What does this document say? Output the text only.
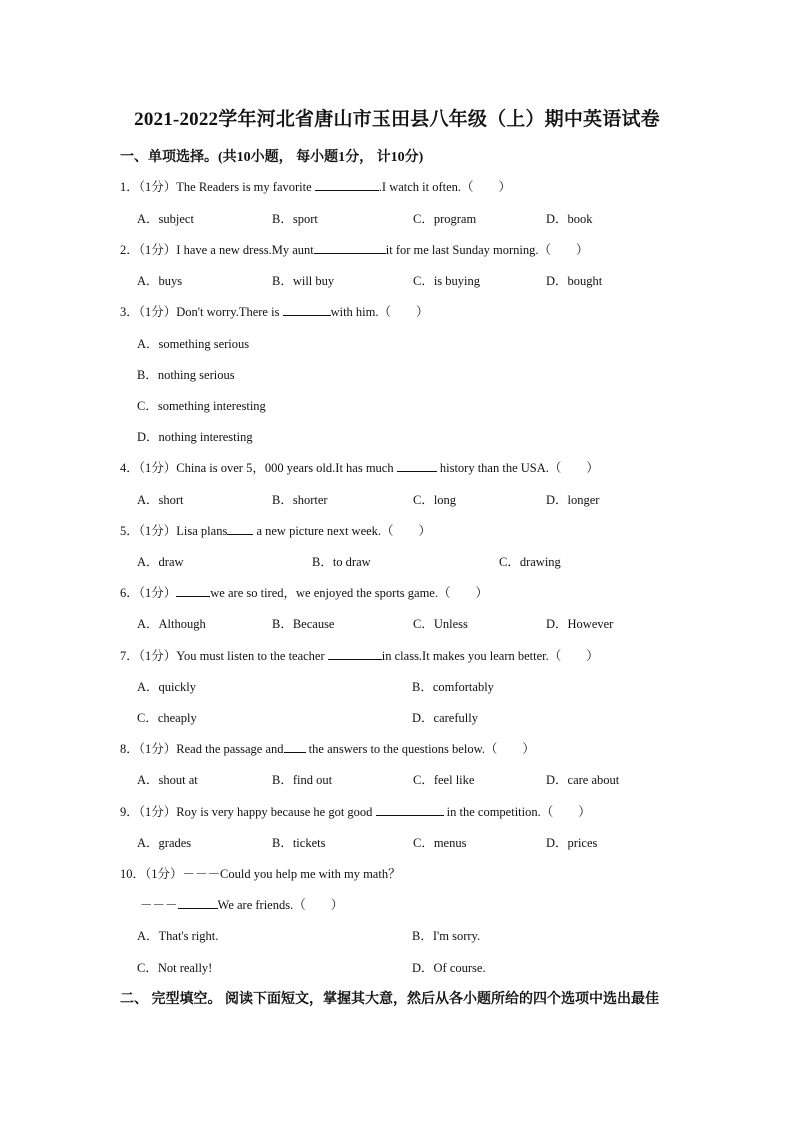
2021-2022学年河北省唐山市玉田县八年级（上）期中英语试卷
一、单项选择。(共10小题， 每小题1分， 计10分)
1．（1分）The Readers is my favorite	.I watch it often.（　　）
A．subject	B．sport	C．program	D．book
2．（1分）I have a new dress.My aunt	it for me last Sunday morning.（　　）
A．buys	B．will buy	C．is buying	D．bought
3．（1分）Don't worry.There is	with him.（　　）
A．something serious
B．nothing serious
C．something interesting
D．nothing interesting
4．（1分）China is over 5，000 years old.It has much	history than the USA.（　　）
A．short	B．shorter	C．long	D．longer
5．（1分）Lisa plans a new picture next week.（　　）
A．draw	B．to draw	C．drawing
6．（1分）	we are so tired，we enjoyed the sports game.（　　）
A．Although	B．Because	C．Unless	D．However
7．（1分）You must listen to the teacher	in class.It makes you learn better.（　　）
A．quickly	B．comfortably
C．cheaply	D．carefully
8．（1分）Read the passage and the answers to the questions below.（　　）
A．shout at	B．find out	C．feel like	D．care about
9．（1分）Roy is very happy because he got good	in the competition.（　　）
A．grades	B．tickets	C．menus	D．prices
10．（1分）－－－Could you help me with my math？
－－－	We are friends.（　　）
A．That's right.	B．I'm sorry.
C．Not really!	D．Of course.
二、 完型填空。 阅读下面短文，掌握其大意，然后从各小题所给的四个选项中选出最佳
